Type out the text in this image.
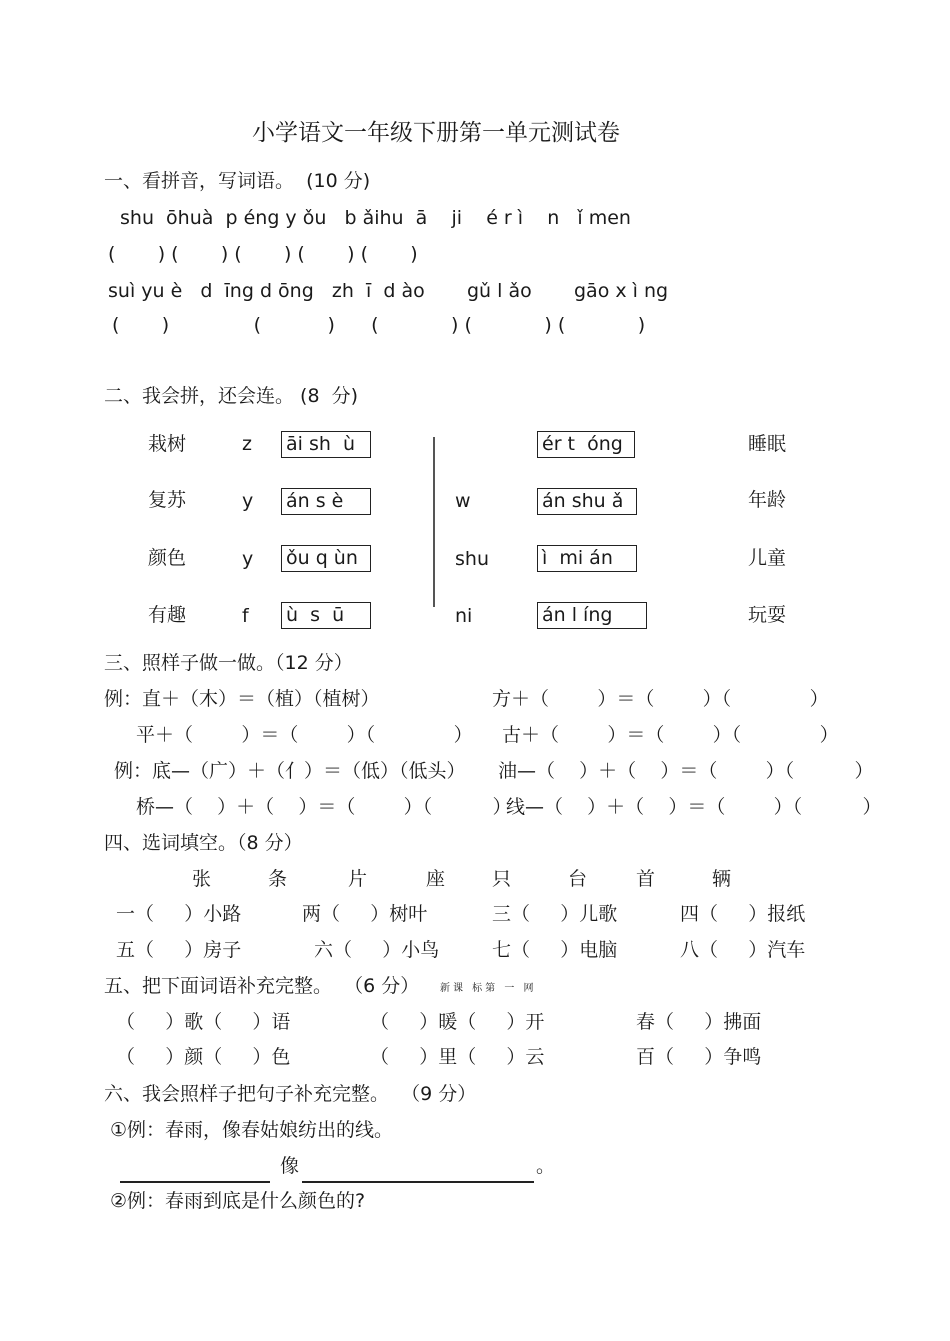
小学语文一年级下册第一单元测试卷
一、看拼音，写词语。  (10 分)
shu  ōhuà  p éng y ǒu   b ǎihu  ā    ji    é r ì    n   ǐ men
(       ) (       ) (       ) (       ) (       )
suì yu è   d  īng d ōng   zh  ī  d ào       gǔ l ǎo       gāo x ì ng
(       )              (           )      (            ) (            ) (            )
二、我会拼，还会连。 (8  分)
栽树	z āi sh  ù	ér t  óng	睡眠
复苏	y án s è	w	án shu ǎ	年龄
颜色	y ǒu q ùn	shu	ì  mi án	儿童
有趣	f ù  s  ū	ni	án l íng	玩耍
三、照样子做一做。（12 分）
例：直＋（木）＝（植）（植树）	方＋（        ）＝（        ）（             ）
平＋（        ）＝（        ）（             ） 古＋（        ）＝（        ）（             ）
例：底—（广）＋（亻）＝（低）（低头） 油—（    ）＋（    ）＝（        ）（          ）
桥—（    ）＋（    ）＝（        ）（          ）
线—（    ）＋（    ）＝（        ）（          ）
四、选词填空。（8 分）
张	条	片	座 只	台	首	辆
一（     ）小路	两（     ）树叶	三（     ）儿歌	四（     ）报纸
五（     ）房子	六（     ）小鸟	七（     ）电脑	八（     ）汽车
五、把下面词语补充完整。  （6 分） 新课 标第 一 网
（     ）歌（     ）语	（     ）暖（     ）开	春（     ）拂面
（     ）颜（     ）色	（     ）里（     ）云	百（     ）争鸣
六、我会照样子把句子补充完整。  （9 分）
①例：春雨，像春姑娘纺出的线。
像	。
②例：春雨到底是什么颜色的?
